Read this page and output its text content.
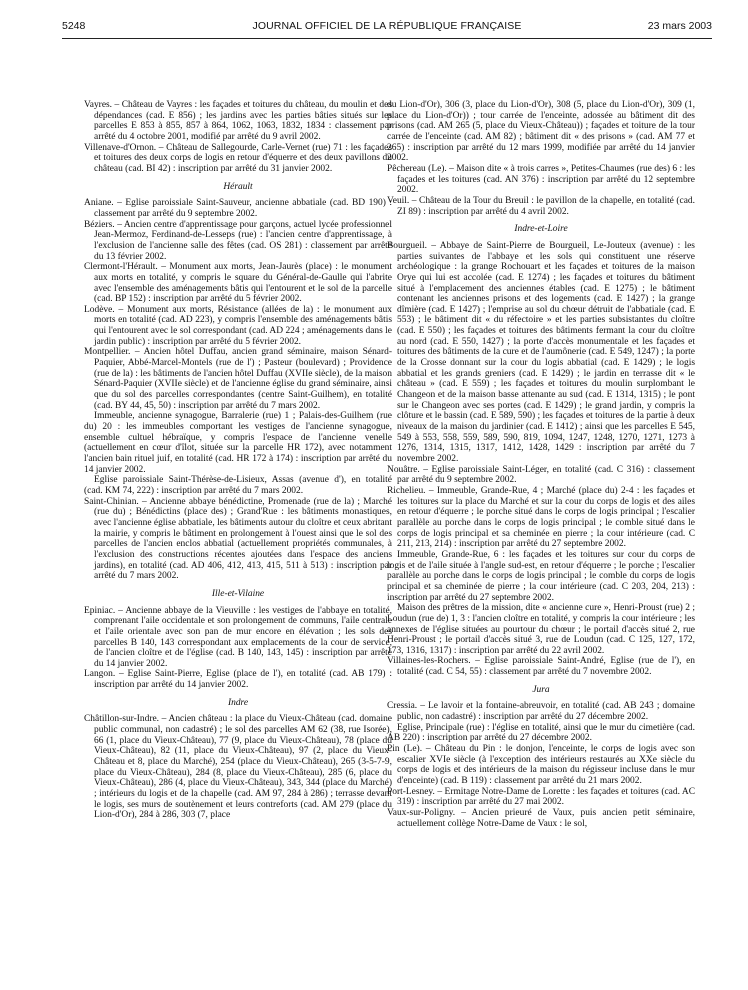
5248	JOURNAL OFFICIEL DE LA RÉPUBLIQUE FRANÇAISE	23 mars 2003

Vayres. – Château de Vayres : les façades et toitures du château, du moulin et des dépendances (cad. E 856) ; les jardins avec les parties bâties situés sur les parcelles E 853 à 855, 857 à 864, 1062, 1063, 1832, 1834 : classement par arrêté du 4 octobre 2001, modifié par arrêté du 9 avril 2002.

Villenave-d'Ornon. – Château de Sallegourde, Carle-Vernet (rue) 71 : les façades et toitures des deux corps de logis en retour d'équerre et des deux pavillons du château (cad. BI 42) : inscription par arrêté du 31 janvier 2002.

Hérault

Aniane. – Eglise paroissiale Saint-Sauveur, ancienne abbatiale (cad. BD 190) : classement par arrêté du 9 septembre 2002.

Béziers. – Ancien centre d'apprentissage pour garçons, actuel lycée professionnel Jean-Mermoz, Ferdinand-de-Lesseps (rue) : l'ancien centre d'apprentissage, à l'exclusion de l'ancienne salle des fêtes (cad. OS 281) : classement par arrêté du 13 février 2002.

Clermont-l'Hérault. – Monument aux morts, Jean-Jaurès (place) : le monument aux morts en totalité, y compris le square du Général-de-Gaulle qui l'abrite avec l'ensemble des aménagements bâtis qui l'entourent et le sol de la parcelle (cad. BP 152) : inscription par arrêté du 5 février 2002.

Lodève. – Monument aux morts, Résistance (allées de la) : le monument aux morts en totalité (cad. AD 223), y compris l'ensemble des aménagements bâtis qui l'entourent avec le sol correspondant (cad. AD 224 ; aménagements dans le jardin public) : inscription par arrêté du 5 février 2002.

Montpellier. – Ancien hôtel Duffau, ancien grand séminaire, maison Sénard-Paquier, Abbé-Marcel-Montels (rue de l') ; Pasteur (boulevard) ; Providence (rue de la) : les bâtiments de l'ancien hôtel Duffau (XVIIe siècle), de la maison Sénard-Paquier (XVIIe siècle) et de l'ancienne église du grand séminaire, ainsi que du sol des parcelles correspondantes (centre Saint-Guilhem), en totalité (cad. BY 44, 45, 50) : inscription par arrêté du 7 mars 2002.

Immeuble, ancienne synagogue, Barralerie (rue) 1 ; Palais-des-Guilhem (rue du) 20 : les immeubles comportant les vestiges de l'ancienne synagogue, ensemble cultuel hébraïque, y compris l'espace de l'ancienne venelle (actuellement en cœur d'îlot, située sur la parcelle HR 172), avec notamment l'ancien bain rituel juif, en totalité (cad. HR 172 à 174) : inscription par arrêté du 14 janvier 2002.

Eglise paroissiale Saint-Thérèse-de-Lisieux, Assas (avenue d'), en totalité (cad. KM 74, 222) : inscription par arrêté du 7 mars 2002.

Saint-Chinian. – Ancienne abbaye bénédictine, Promenade (rue de la) ; Marché (rue du) ; Bénédictins (place des) ; Grand'Rue : les bâtiments monastiques, avec l'ancienne église abbatiale, les bâtiments autour du cloître et ceux abritant la mairie, y compris le bâtiment en prolongement à l'ouest ainsi que le sol des parcelles de l'ancien enclos abbatial (actuellement propriétés communales, à l'exclusion des constructions récentes ajoutées dans l'espace des anciens jardins), en totalité (cad. AD 406, 412, 413, 415, 511 à 513) : inscription par arrêté du 7 mars 2002.

Ille-et-Vilaine

Epiniac. – Ancienne abbaye de la Vieuville : les vestiges de l'abbaye en totalité, comprenant l'aile occidentale et son prolongement de communs, l'aile centrale et l'aile orientale avec son pan de mur encore en élévation ; les sols des parcelles B 140, 143 correspondant aux emplacements de la cour de service, de l'ancien cloître et de l'église (cad. B 140, 143, 145) : inscription par arrêté du 14 janvier 2002.

Langon. – Eglise Saint-Pierre, Eglise (place de l'), en totalité (cad. AB 179) : inscription par arrêté du 14 janvier 2002.

Indre

Châtillon-sur-Indre. – Ancien château : la place du Vieux-Château (cad. domaine public communal, non cadastré) ; le sol des parcelles AM 62 (38, rue Isorée), 66 (1, place du Vieux-Château), 77 (9, place du Vieux-Château), 78 (place du Vieux-Château), 82 (11, place du Vieux-Château), 97 (2, place du Vieux-Château et 8, place du Marché), 254 (place du Vieux-Château), 265 (3-5-7-9, place du Vieux-Château), 284 (8, place du Vieux-Château), 285 (6, place du Vieux-Château), 286 (4, place du Vieux-Château), 343, 344 (place du Marché) ; intérieurs du logis et de la chapelle (cad. AM 97, 284 à 286) ; terrasse devant le logis, ses murs de soutènement et leurs contreforts (cad. AM 279 (place du Lion-d'Or), 284 à 286, 303 (7, place

du Lion-d'Or), 306 (3, place du Lion-d'Or), 308 (5, place du Lion-d'Or), 309 (1, place du Lion-d'Or)) ; tour carrée de l'enceinte, adossée au bâtiment dit des prisons (cad. AM 265 (5, place du Vieux-Château)) ; façades et toiture de la tour carrée de l'enceinte (cad. AM 82) ; bâtiment dit « des prisons » (cad. AM 77 et 265) : inscription par arrêté du 12 mars 1999, modifiée par arrêté du 14 janvier 2002.

Pêchereau (Le). – Maison dite « à trois carres », Petites-Chaumes (rue des) 6 : les façades et les toitures (cad. AN 376) : inscription par arrêté du 12 septembre 2002.

Veuil. – Château de la Tour du Breuil : le pavillon de la chapelle, en totalité (cad. ZI 89) : inscription par arrêté du 4 avril 2002.

Indre-et-Loire

Bourgueil. – Abbaye de Saint-Pierre de Bourgueil, Le-Jouteux (avenue) : les parties suivantes de l'abbaye et les sols qui constituent une réserve archéologique : la grange Rochouart et les façades et toitures de la maison Orye qui lui est accolée (cad. E 1274) ; les façades et toitures du bâtiment situé à l'emplacement des anciennes étables (cad. E 1275) ; le bâtiment contenant les anciennes prisons et des logements (cad. E 1427) ; la grange dîmière (cad. E 1427) ; l'emprise au sol du chœur détruit de l'abbatiale (cad. E 553) ; le bâtiment dit « du réfectoire » et les parties subsistantes du cloître (cad. E 550) ; les façades et toitures des bâtiments fermant la cour du cloître au nord (cad. E 550, 1427) ; la porte d'accès monumentale et les façades et toitures des bâtiments de la cure et de l'aumônerie (cad. E 549, 1247) ; la porte de la Crosse donnant sur la cour du logis abbatial (cad. E 1429) ; le logis abbatial et les grands greniers (cad. E 1429) ; le jardin en terrasse dit « le château » (cad. E 559) ; les façades et toitures du moulin surplombant le Changeon et de la maison basse attenante au sud (cad. E 1314, 1315) ; le pont sur le Changeon avec ses portes (cad. E 1429) ; le grand jardin, y compris la clôture et le bassin (cad. E 589, 590) ; les façades et toitures de la partie à deux niveaux de la maison du jardinier (cad. E 1412) ; ainsi que les parcelles E 545, 549 à 553, 558, 559, 589, 590, 819, 1094, 1247, 1248, 1270, 1271, 1273 à 1276, 1314, 1315, 1317, 1412, 1428, 1429 : inscription par arrêté du 7 novembre 2002.

Nouâtre. – Eglise paroissiale Saint-Léger, en totalité (cad. C 316) : classement par arrêté du 9 septembre 2002.

Richelieu. – Immeuble, Grande-Rue, 4 ; Marché (place du) 2-4 : les façades et les toitures sur la place du Marché et sur la cour du corps de logis et des ailes en retour d'équerre ; le porche situé dans le corps de logis principal ; l'escalier parallèle au porche dans le corps de logis principal ; le comble situé dans le corps de logis principal et sa cheminée en pierre ; la cour intérieure (cad. C 211, 213, 214) : inscription par arrêté du 27 septembre 2002.

Immeuble, Grande-Rue, 6 : les façades et les toitures sur cour du corps de logis et de l'aile située à l'angle sud-est, en retour d'équerre ; le porche ; l'escalier parallèle au porche dans le corps de logis principal ; le comble du corps de logis principal et sa cheminée de pierre ; la cour intérieure (cad. C 203, 204, 213) : inscription par arrêté du 27 septembre 2002.

Maison des prêtres de la mission, dite « ancienne cure », Henri-Proust (rue) 2 ; Loudun (rue de) 1, 3 : l'ancien cloître en totalité, y compris la cour intérieure ; les annexes de l'église situées au pourtour du chœur ; le portail d'accès situé 2, rue Henri-Proust ; le portail d'accès situé 3, rue de Loudun (cad. C 125, 127, 172, 173, 1316, 1317) : inscription par arrêté du 22 avril 2002.

Villaines-les-Rochers. – Eglise paroissiale Saint-André, Eglise (rue de l'), en totalité (cad. C 54, 55) : classement par arrêté du 7 novembre 2002.

Jura

Cressia. – Le lavoir et la fontaine-abreuvoir, en totalité (cad. AB 243 ; domaine public, non cadastré) : inscription par arrêté du 27 décembre 2002.

Eglise, Principale (rue) : l'église en totalité, ainsi que le mur du cimetière (cad. AB 220) : inscription par arrêté du 27 décembre 2002.

Pin (Le). – Château du Pin : le donjon, l'enceinte, le corps de logis avec son escalier XVIe siècle (à l'exception des intérieurs restaurés au XXe siècle du corps de logis et des intérieurs de la maison du régisseur incluse dans le mur d'enceinte) (cad. B 119) : classement par arrêté du 21 mars 2002.

Port-Lesney. – Ermitage Notre-Dame de Lorette : les façades et toitures (cad. AC 319) : inscription par arrêté du 27 mai 2002.

Vaux-sur-Poligny. – Ancien prieuré de Vaux, puis ancien petit séminaire, actuellement collège Notre-Dame de Vaux : le sol,
